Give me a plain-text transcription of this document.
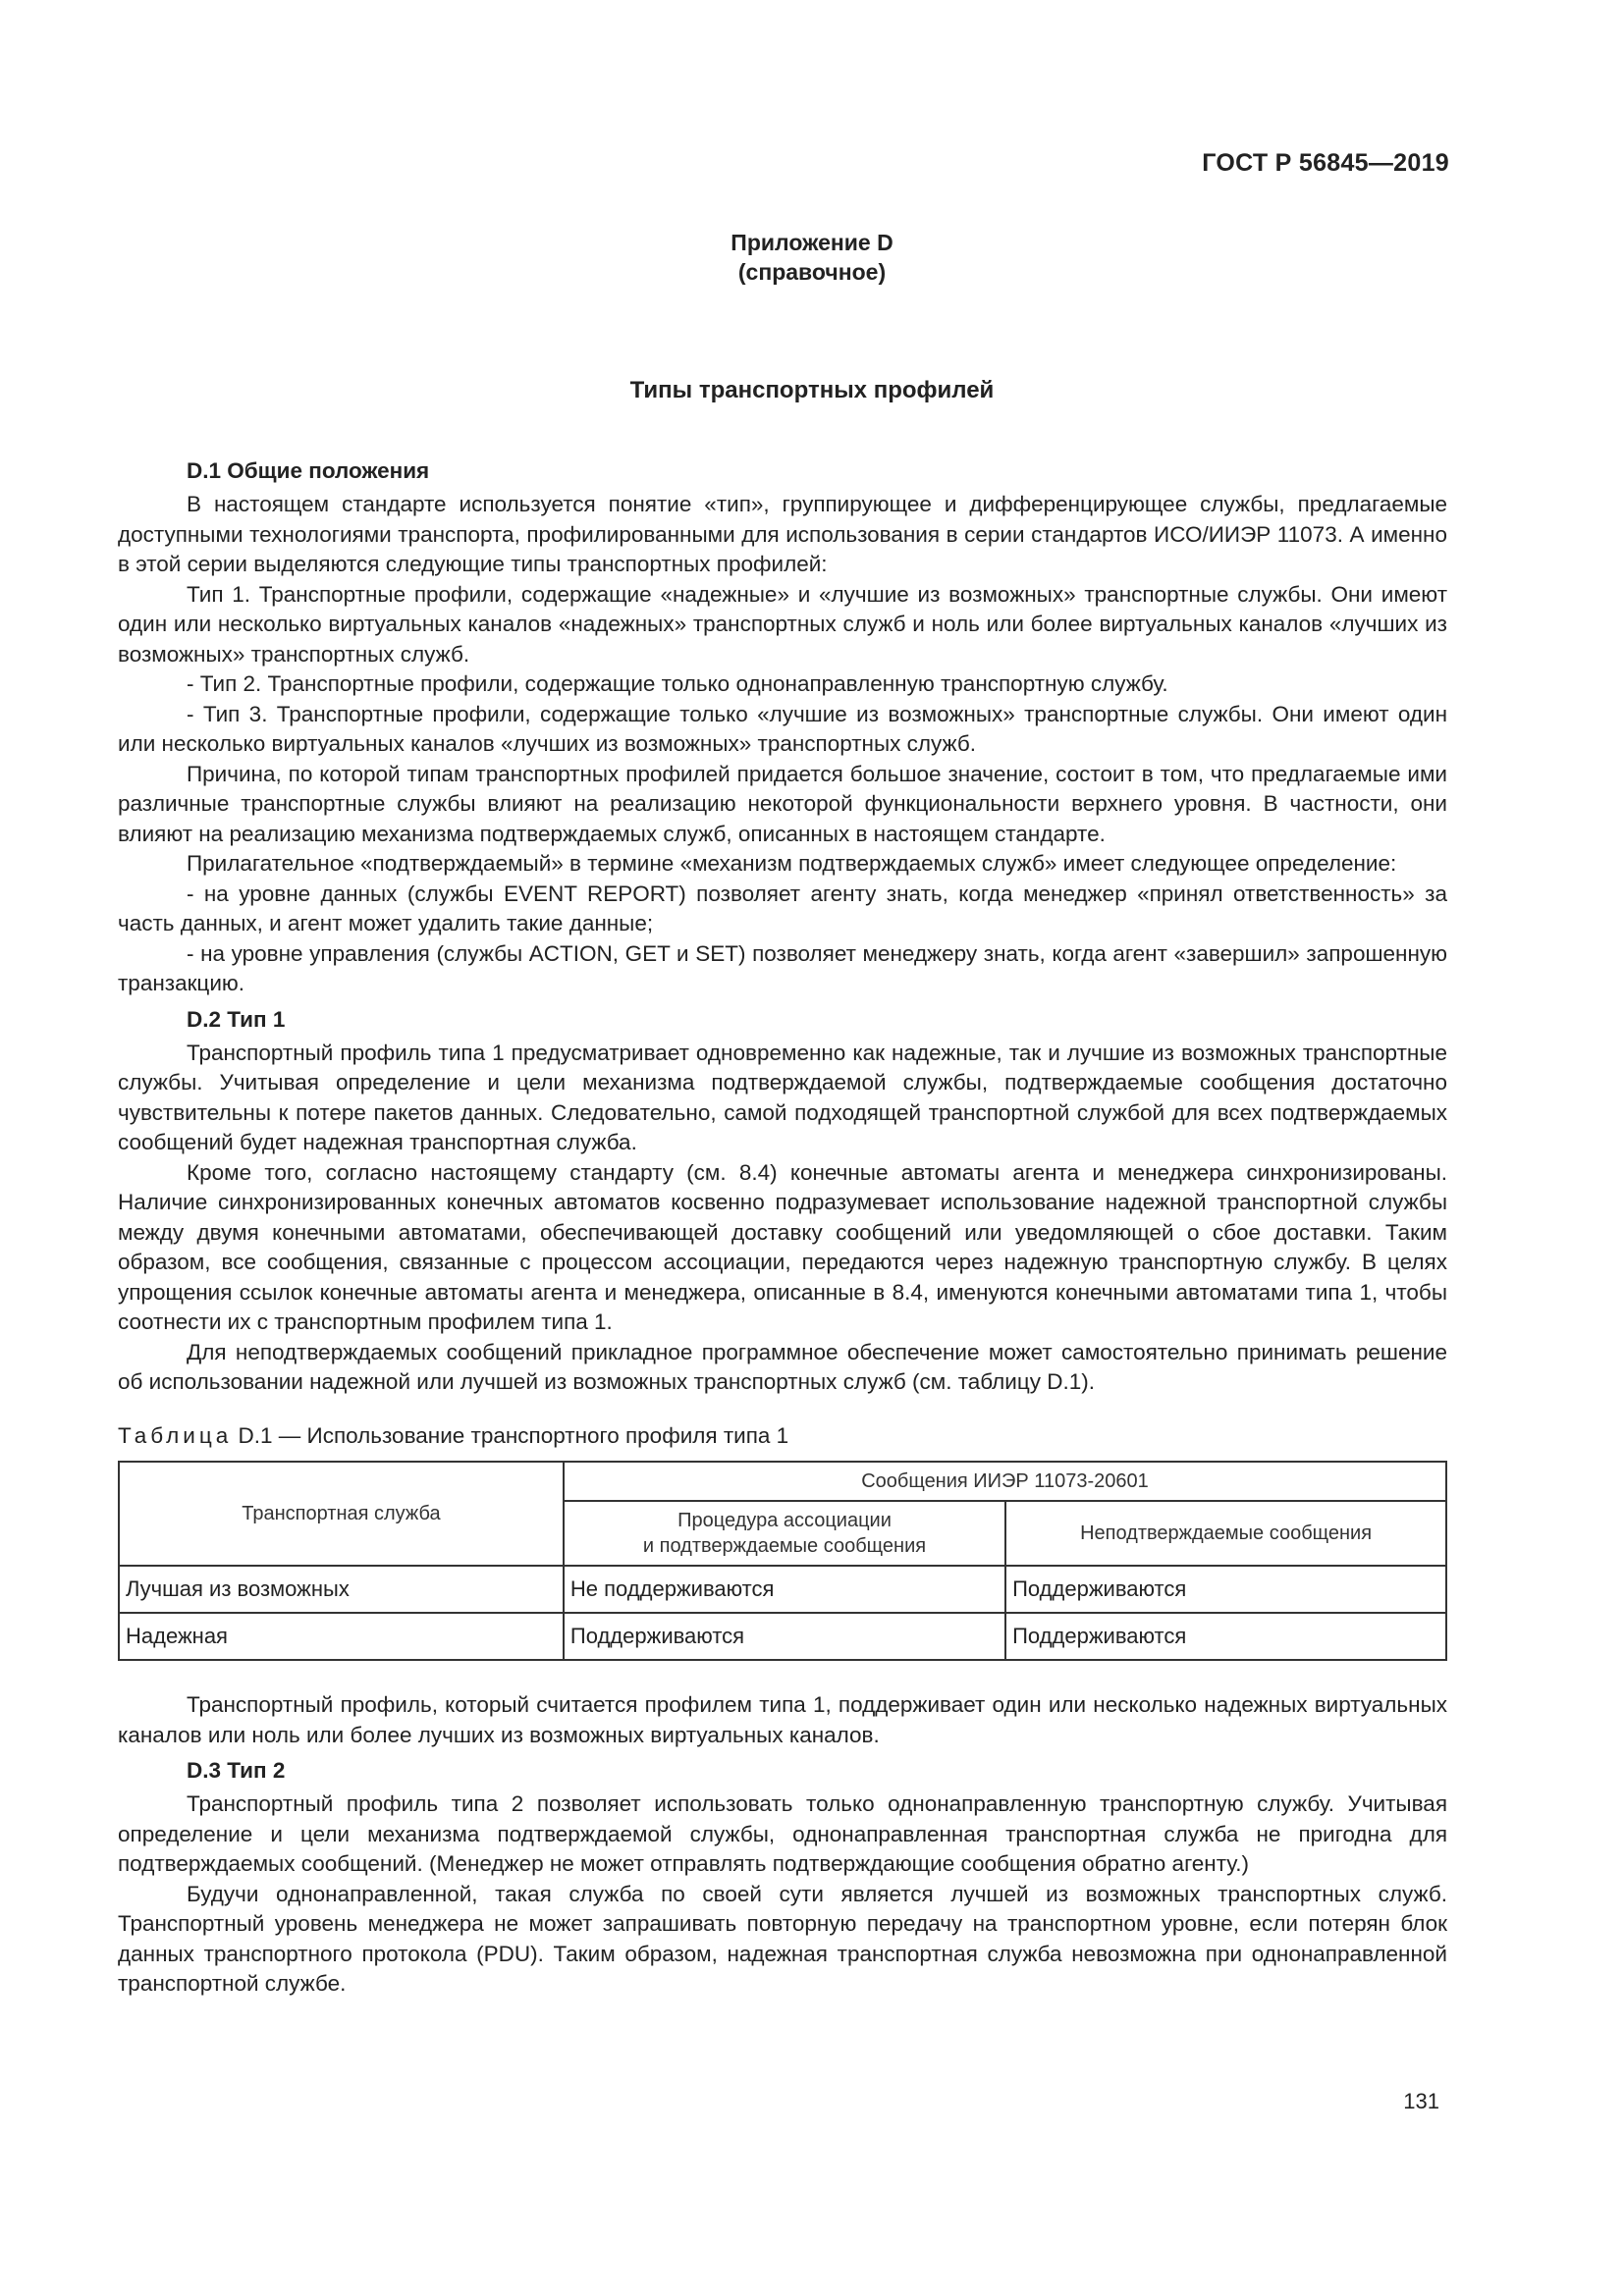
ГОСТ Р 56845—2019
Приложение D
(справочное)
Типы транспортных профилей
D.1 Общие положения

В настоящем стандарте используется понятие «тип», группирующее и дифференцирующее службы, предлагаемые доступными технологиями транспорта, профилированными для использования в серии стандартов ИСО/ИИЭР 11073. А именно в этой серии выделяются следующие типы транспортных профилей:

Тип 1. Транспортные профили, содержащие «надежные» и «лучшие из возможных» транспортные службы. Они имеют один или несколько виртуальных каналов «надежных» транспортных служб и ноль или более виртуальных каналов «лучших из возможных» транспортных служб.

- Тип 2. Транспортные профили, содержащие только однонаправленную транспортную службу.

- Тип 3. Транспортные профили, содержащие только «лучшие из возможных» транспортные службы. Они имеют один или несколько виртуальных каналов «лучших из возможных» транспортных служб.

Причина, по которой типам транспортных профилей придается большое значение, состоит в том, что предлагаемые ими различные транспортные службы влияют на реализацию некоторой функциональности верхнего уровня. В частности, они влияют на реализацию механизма подтверждаемых служб, описанных в настоящем стандарте.

Прилагательное «подтверждаемый» в термине «механизм подтверждаемых служб» имеет следующее определение:

- на уровне данных (службы EVENT REPORT) позволяет агенту знать, когда менеджер «принял ответственность» за часть данных, и агент может удалить такие данные;

- на уровне управления (службы ACTION, GET и SET) позволяет менеджеру знать, когда агент «завершил» запрошенную транзакцию.

D.2 Тип 1

Транспортный профиль типа 1 предусматривает одновременно как надежные, так и лучшие из возможных транспортные службы. Учитывая определение и цели механизма подтверждаемой службы, подтверждаемые сообщения достаточно чувствительны к потере пакетов данных. Следовательно, самой подходящей транспортной службой для всех подтверждаемых сообщений будет надежная транспортная служба.

Кроме того, согласно настоящему стандарту (см. 8.4) конечные автоматы агента и менеджера синхронизированы. Наличие синхронизированных конечных автоматов косвенно подразумевает использование надежной транспортной службы между двумя конечными автоматами, обеспечивающей доставку сообщений или уведомляющей о сбое доставки. Таким образом, все сообщения, связанные с процессом ассоциации, передаются через надежную транспортную службу. В целях упрощения ссылок конечные автоматы агента и менеджера, описанные в 8.4, именуются конечными автоматами типа 1, чтобы соотнести их с транспортным профилем типа 1.

Для неподтверждаемых сообщений прикладное программное обеспечение может самостоятельно принимать решение об использовании надежной или лучшей из возможных транспортных служб (см. таблицу D.1).

Таблица D.1 — Использование транспортного профиля типа 1
Транспортная служба	Сообщения ИИЭР 11073-20601	

	Процедура ассоциации
и подтверждаемые сообщения	Неподтверждаемые сообщения
Лучшая из возможных	Не поддерживаются	Поддерживаются
Надежная	Поддерживаются	Поддерживаются

Транспортный профиль, который считается профилем типа 1, поддерживает один или несколько надежных виртуальных каналов или ноль или более лучших из возможных виртуальных каналов.

D.3 Тип 2

Транспортный профиль типа 2 позволяет использовать только однонаправленную транспортную службу. Учитывая определение и цели механизма подтверждаемой службы, однонаправленная транспортная служба не пригодна для подтверждаемых сообщений. (Менеджер не может отправлять подтверждающие сообщения обратно агенту.)

Будучи однонаправленной, такая служба по своей сути является лучшей из возможных транспортных служб. Транспортный уровень менеджера не может запрашивать повторную передачу на транспортном уровне, если потерян блок данных транспортного протокола (PDU). Таким образом, надежная транспортная служба невозможна при однонаправленной транспортной службе.

131
